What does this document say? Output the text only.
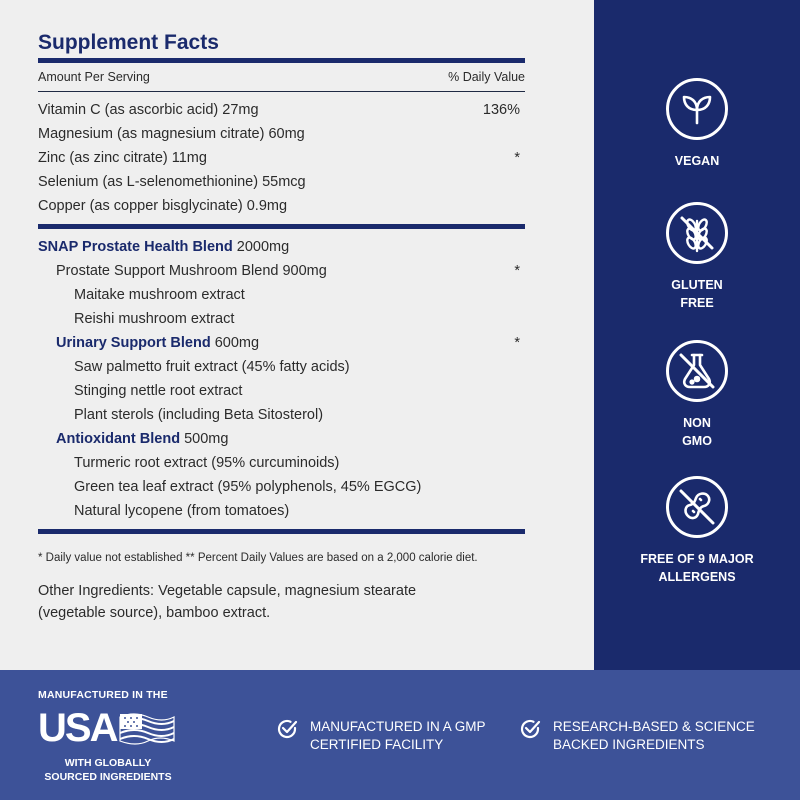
Supplement Facts
Amount Per Serving	% Daily Value
Vitamin C (as ascorbic acid) 27mg	136%
Magnesium (as magnesium citrate) 60mg
Zinc (as zinc citrate) 11mg	*
Selenium (as L-selenomethionine) 55mcg
Copper (as copper bisglycinate) 0.9mg
SNAP Prostate Health Blend 2000mg
Prostate Support Mushroom Blend 900mg	*
Maitake mushroom extract
Reishi mushroom extract
Urinary Support Blend 600mg	*
Saw palmetto fruit extract (45% fatty acids)
Stinging nettle root extract
Plant sterols (including Beta Sitosterol)
Antioxidant Blend 500mg
Turmeric root extract (95% curcuminoids)
Green tea leaf extract (95% polyphenols, 45% EGCG)
Natural lycopene (from tomatoes)
* Daily value not established ** Percent Daily Values are based on a 2,000 calorie diet.
Other Ingredients: Vegetable capsule, magnesium stearate (vegetable source), bamboo extract.
VEGAN
GLUTEN
FREE
NON
GMO
FREE OF 9 MAJOR
ALLERGENS
MANUFACTURED IN THE
USA
WITH GLOBALLY
SOURCED INGREDIENTS
MANUFACTURED IN A GMP
CERTIFIED FACILITY
RESEARCH-BASED & SCIENCE
BACKED INGREDIENTS
